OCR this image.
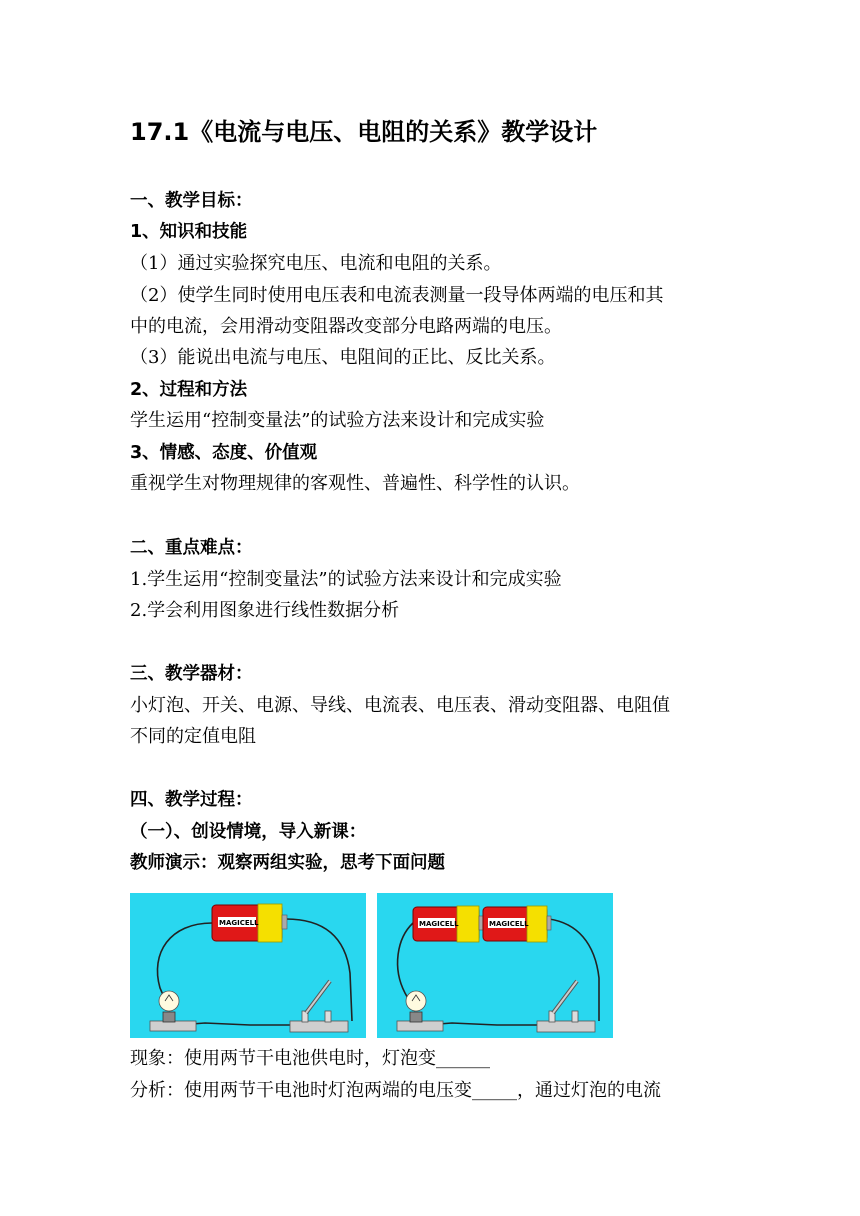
17.1《电流与电压、电阻的关系》教学设计
一、教学目标：
1、知识和技能
（1）通过实验探究电压、电流和电阻的关系。
（2）使学生同时使用电压表和电流表测量一段导体两端的电压和其
中的电流，会用滑动变阻器改变部分电路两端的电压。
（3）能说出电流与电压、电阻间的正比、反比关系。
2、过程和方法
学生运用“控制变量法”的试验方法来设计和完成实验
3、情感、态度、价值观
重视学生对物理规律的客观性、普遍性、科学性的认识。
二、重点难点：
1.学生运用“控制变量法”的试验方法来设计和完成实验
2.学会利用图象进行线性数据分析
三、教学器材：
小灯泡、开关、电源、导线、电流表、电压表、滑动变阻器、电阻值
不同的定值电阻
四、教学过程：
（一）、创设情境，导入新课：
教师演示：观察两组实验，思考下面问题
MAGICELL	MAGICELL	MAGICELL
现象：使用两节干电池供电时，灯泡变______
分析：使用两节干电池时灯泡两端的电压变_____，通过灯泡的电流
